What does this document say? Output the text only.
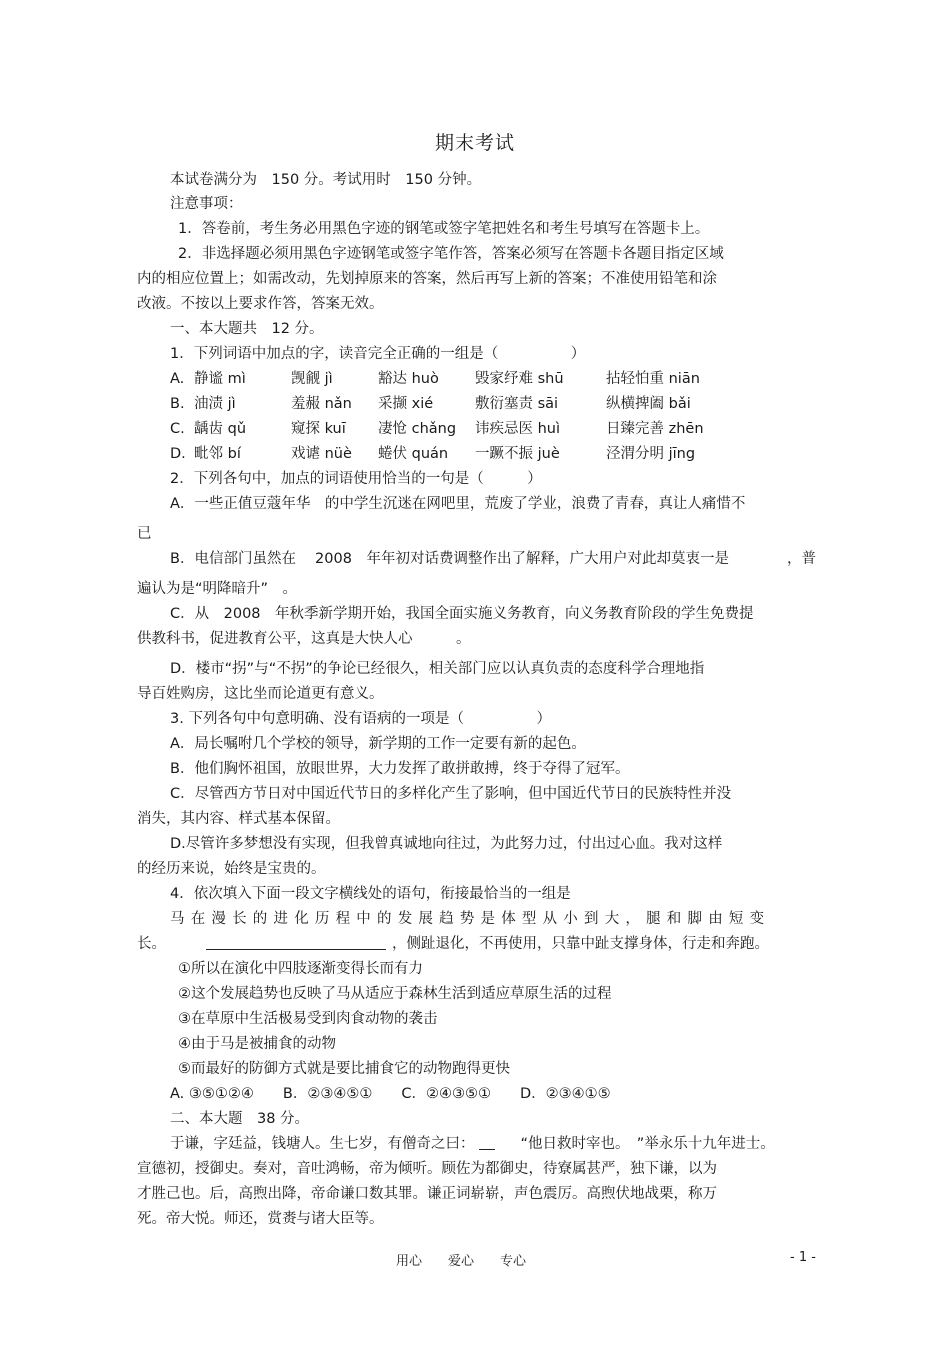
期末考试
本试卷满分为　150 分。考试用时　150 分钟。
注意事项：
1．答卷前，考生务必用黑色字迹的钢笔或签字笔把姓名和考生号填写在答题卡上。
2．非选择题必须用黑色字迹钢笔或签字笔作答，答案必须写在答题卡各题目指定区域
内的相应位置上；如需改动，先划掉原来的答案，然后再写上新的答案；不准使用铅笔和涂
改液。不按以上要求作答，答案无效。
一、本大题共　12 分。
1．下列词语中加点的字，读音完全正确的一组是（　　　　　）
A. 静谧 mì	觊觎 jì	豁达 huò 毁家纾难 shū	拈轻怕重 niān
B. 油渍 jì	羞赧 nǎn 采撷 xié	敷衍塞责 sāi	纵横捭阖 bǎi
C. 龋齿 qǔ	窥探 kuī 凄怆 chǎng 讳疾忌医 huì	日臻完善 zhēn
D. 毗邻 bí	戏谑 nüè 蜷伏 quán 一蹶不振 juè	泾渭分明 jīng
2．下列各句中，加点的词语使用恰当的一句是（　　　）
A．一些正值豆蔻年华　的中学生沉迷在网吧里，荒废了学业，浪费了青春，真让人痛惜不
已
B．电信部门虽然在　 2008　年年初对话费调整作出了解释，广大用户对此却莫衷一是　　　　，普
遍认为是“明降暗升”　。
C．从　2008　年秋季新学期开始，我国全面实施义务教育，向义务教育阶段的学生免费提
供教科书，促进教育公平，这真是大快人心　　　。
D．楼市“拐”与“不拐”的争论已经很久，相关部门应以认真负责的态度科学合理地指
导百姓购房，这比坐而论道更有意义。
3. 下列各句中句意明确、没有语病的一项是（　　　　　）
A．局长嘱咐几个学校的领导，新学期的工作一定要有新的起色。
B．他们胸怀祖国，放眼世界，大力发挥了敢拼敢搏，终于夺得了冠军。
C．尽管西方节日对中国近代节日的多样化产生了影响，但中国近代节日的民族特性并没
消失，其内容、样式基本保留。
D.尽管许多梦想没有实现，但我曾真诚地向往过，为此努力过，付出过心血。我对这样
的经历来说，始终是宝贵的。
4．依次填入下面一段文字横线处的语句，衔接最恰当的一组是
马在漫长的进化历程中的发展趋势是体型从小到大，腿和脚由短变
长。	，侧趾退化，不再使用，只靠中趾支撑身体，行走和奔跑。
①所以在演化中四肢逐渐变得长而有力
②这个发展趋势也反映了马从适应于森林生活到适应草原生活的过程
③在草原中生活极易受到肉食动物的袭击
④由于马是被捕食的动物
⑤而最好的防御方式就是要比捕食它的动物跑得更快
A. ③⑤①②④　　B．②③④⑤①　　C．②④③⑤①　　D．②③④①⑤
二、本大题　38 分。
于谦，字廷益，钱塘人。生七岁，有僧奇之曰：	“他日救时宰也。　”举永乐十九年进士。
宣德初，授御史。奏对，音吐鸿畅，帝为倾听。顾佐为都御史，待寮属甚严，独下谦，以为
才胜己也。后，高煦出降，帝命谦口数其罪。谦正词崭崭，声色震厉。高煦伏地战栗，称万
死。帝大悦。师还，赏赉与诸大臣等。
用心　　爱心　　专心	- 1 -
